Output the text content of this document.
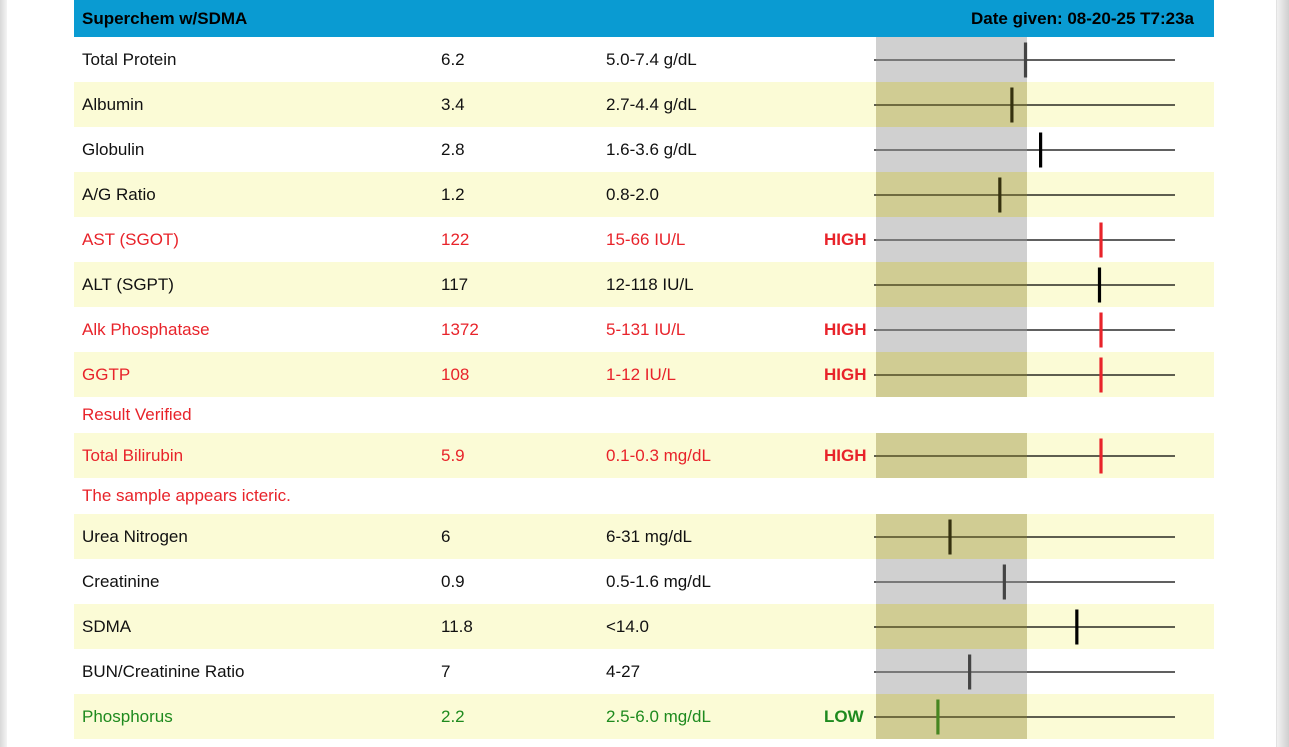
Superchem w/SDMA	Date given: 08-20-25 T7:23a
Total Protein	6.2	5.0-7.4 g/dL
Albumin	3.4	2.7-4.4 g/dL
Globulin	2.8	1.6-3.6 g/dL
A/G Ratio	1.2	0.8-2.0
AST (SGOT)	122	15-66 IU/L	HIGH
ALT (SGPT)	117	12-118 IU/L
Alk Phosphatase	1372	5-131 IU/L	HIGH
GGTP	108	1-12 IU/L	HIGH
Result Verified
Total Bilirubin	5.9	0.1-0.3 mg/dL	HIGH
The sample appears icteric.
Urea Nitrogen	6	6-31 mg/dL
Creatinine	0.9	0.5-1.6 mg/dL
SDMA	11.8	<14.0
BUN/Creatinine Ratio	7	4-27
Phosphorus	2.2	2.5-6.0 mg/dL	LOW
